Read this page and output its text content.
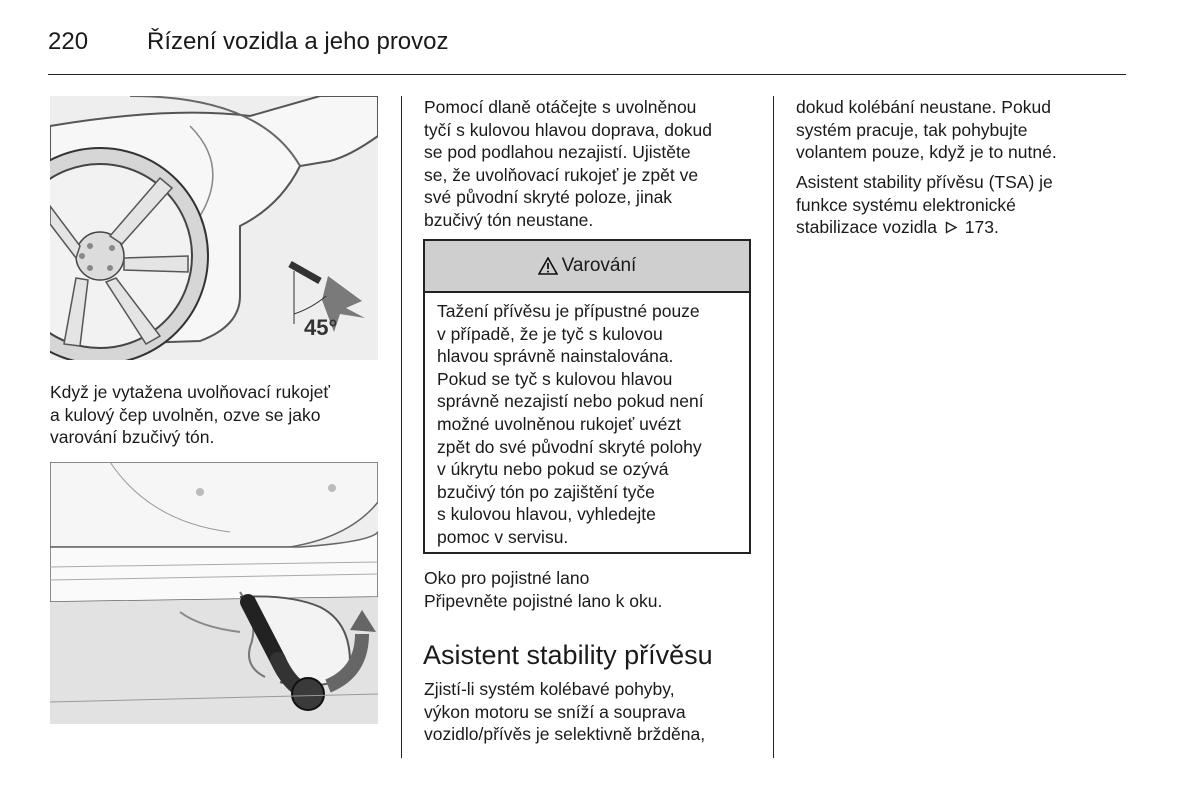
220 Řízení vozidla a jeho provoz
45°
Když je vytažena uvolňovací rukojeť
a kulový čep uvolněn, ozve se jako
varování bzučivý tón.
Pomocí dlaně otáčejte s uvolněnou
tyčí s kulovou hlavou doprava, dokud
se pod podlahou nezajistí. Ujistěte
se, že uvolňovací rukojeť je zpět ve
své původní skryté poloze, jinak
bzučivý tón neustane.
Varování
Tažení přívěsu je přípustné pouze
v případě, že je tyč s kulovou
hlavou správně nainstalována.
Pokud se tyč s kulovou hlavou
správně nezajistí nebo pokud není
možné uvolněnou rukojeť uvézt
zpět do své původní skryté polohy
v úkrytu nebo pokud se ozývá
bzučivý tón po zajištění tyče
s kulovou hlavou, vyhledejte
pomoc v servisu.
Oko pro pojistné lano
Připevněte pojistné lano k oku.
Asistent stability přívěsu
Zjistí-li systém kolébavé pohyby,
výkon motoru se sníží a souprava
vozidlo/přívěs je selektivně bržděna,
dokud kolébání neustane. Pokud
systém pracuje, tak pohybujte
volantem pouze, když je to nutné.
Asistent stability přívěsu (TSA) je
funkce systému elektronické
stabilizace vozidla 173.
